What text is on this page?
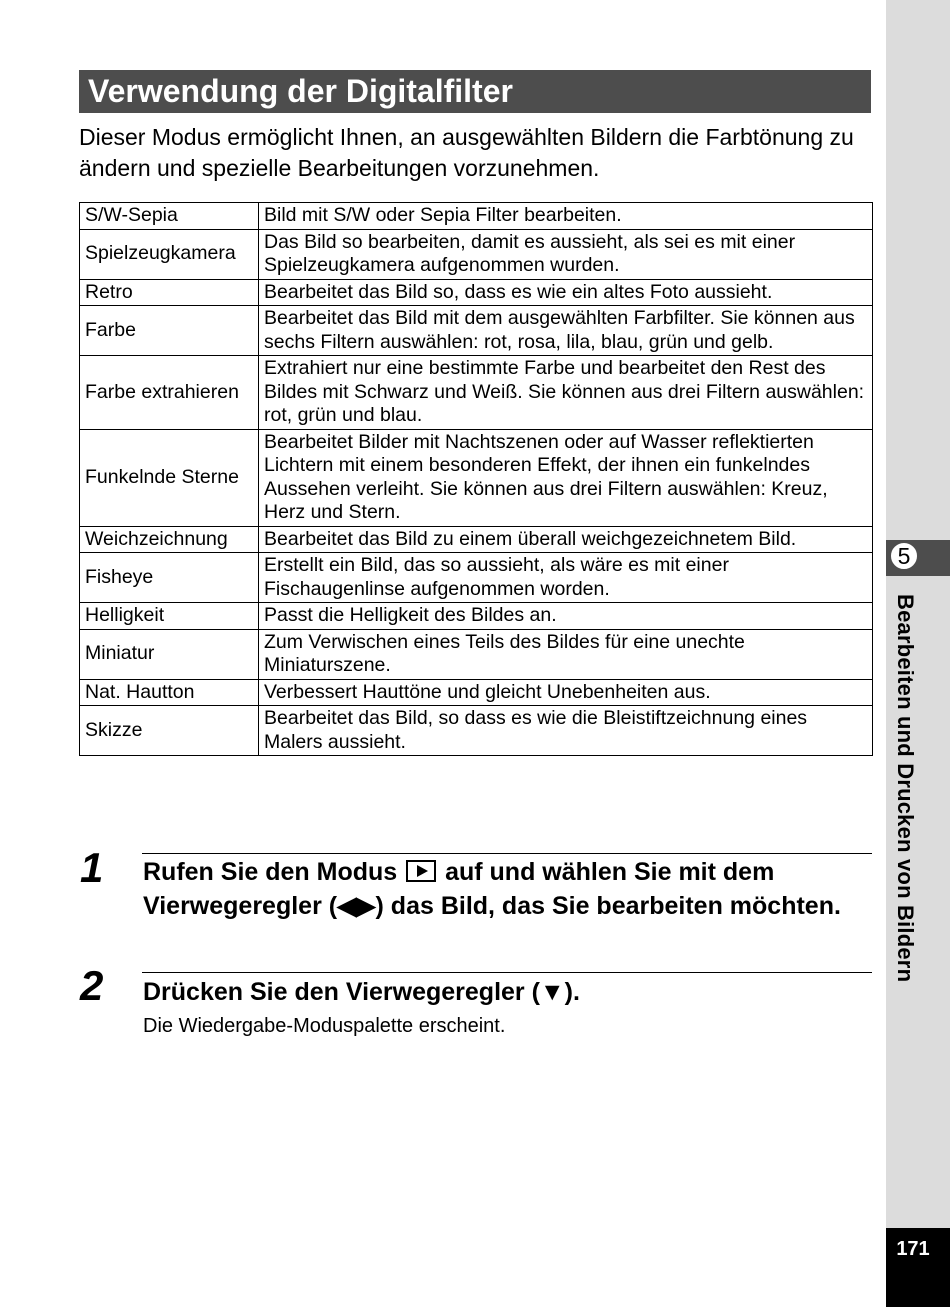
5
Bearbeiten und Drucken von Bildern
171
Verwendung der Digitalfilter
Dieser Modus ermöglicht Ihnen, an ausgewählten Bildern die Farbtönung zu ändern und spezielle Bearbeitungen vorzunehmen.
S/W-Sepia	Bild mit S/W oder Sepia Filter bearbeiten.
Spielzeugkamera	Das Bild so bearbeiten, damit es aussieht, als sei es mit einer Spielzeugkamera aufgenommen wurden.
Retro	Bearbeitet das Bild so, dass es wie ein altes Foto aussieht.
Farbe	Bearbeitet das Bild mit dem ausgewählten Farbfilter. Sie können aus sechs Filtern auswählen: rot, rosa, lila, blau, grün und gelb.
Farbe extrahieren	Extrahiert nur eine bestimmte Farbe und bearbeitet den Rest des Bildes mit Schwarz und Weiß. Sie können aus drei Filtern auswählen: rot, grün und blau.
Funkelnde Sterne	Bearbeitet Bilder mit Nachtszenen oder auf Wasser reflektierten Lichtern mit einem besonderen Effekt, der ihnen ein funkelndes Aussehen verleiht. Sie können aus drei Filtern auswählen: Kreuz, Herz und Stern.
Weichzeichnung	Bearbeitet das Bild zu einem überall weichgezeichnetem Bild.
Fisheye	Erstellt ein Bild, das so aussieht, als wäre es mit einer Fischaugenlinse aufgenommen worden.
Helligkeit	Passt die Helligkeit des Bildes an.
Miniatur	Zum Verwischen eines Teils des Bildes für eine unechte Miniaturszene.
Nat. Hautton	Verbessert Hauttöne und gleicht Unebenheiten aus.
Skizze	Bearbeitet das Bild, so dass es wie die Bleistiftzeichnung eines Malers aussieht.
1 Rufen Sie den Modus auf und wählen Sie mit dem Vierwegeregler (◀▶) das Bild, das Sie bearbeiten möchten.
2 Drücken Sie den Vierwegeregler (▼).
Die Wiedergabe-Moduspalette erscheint.
